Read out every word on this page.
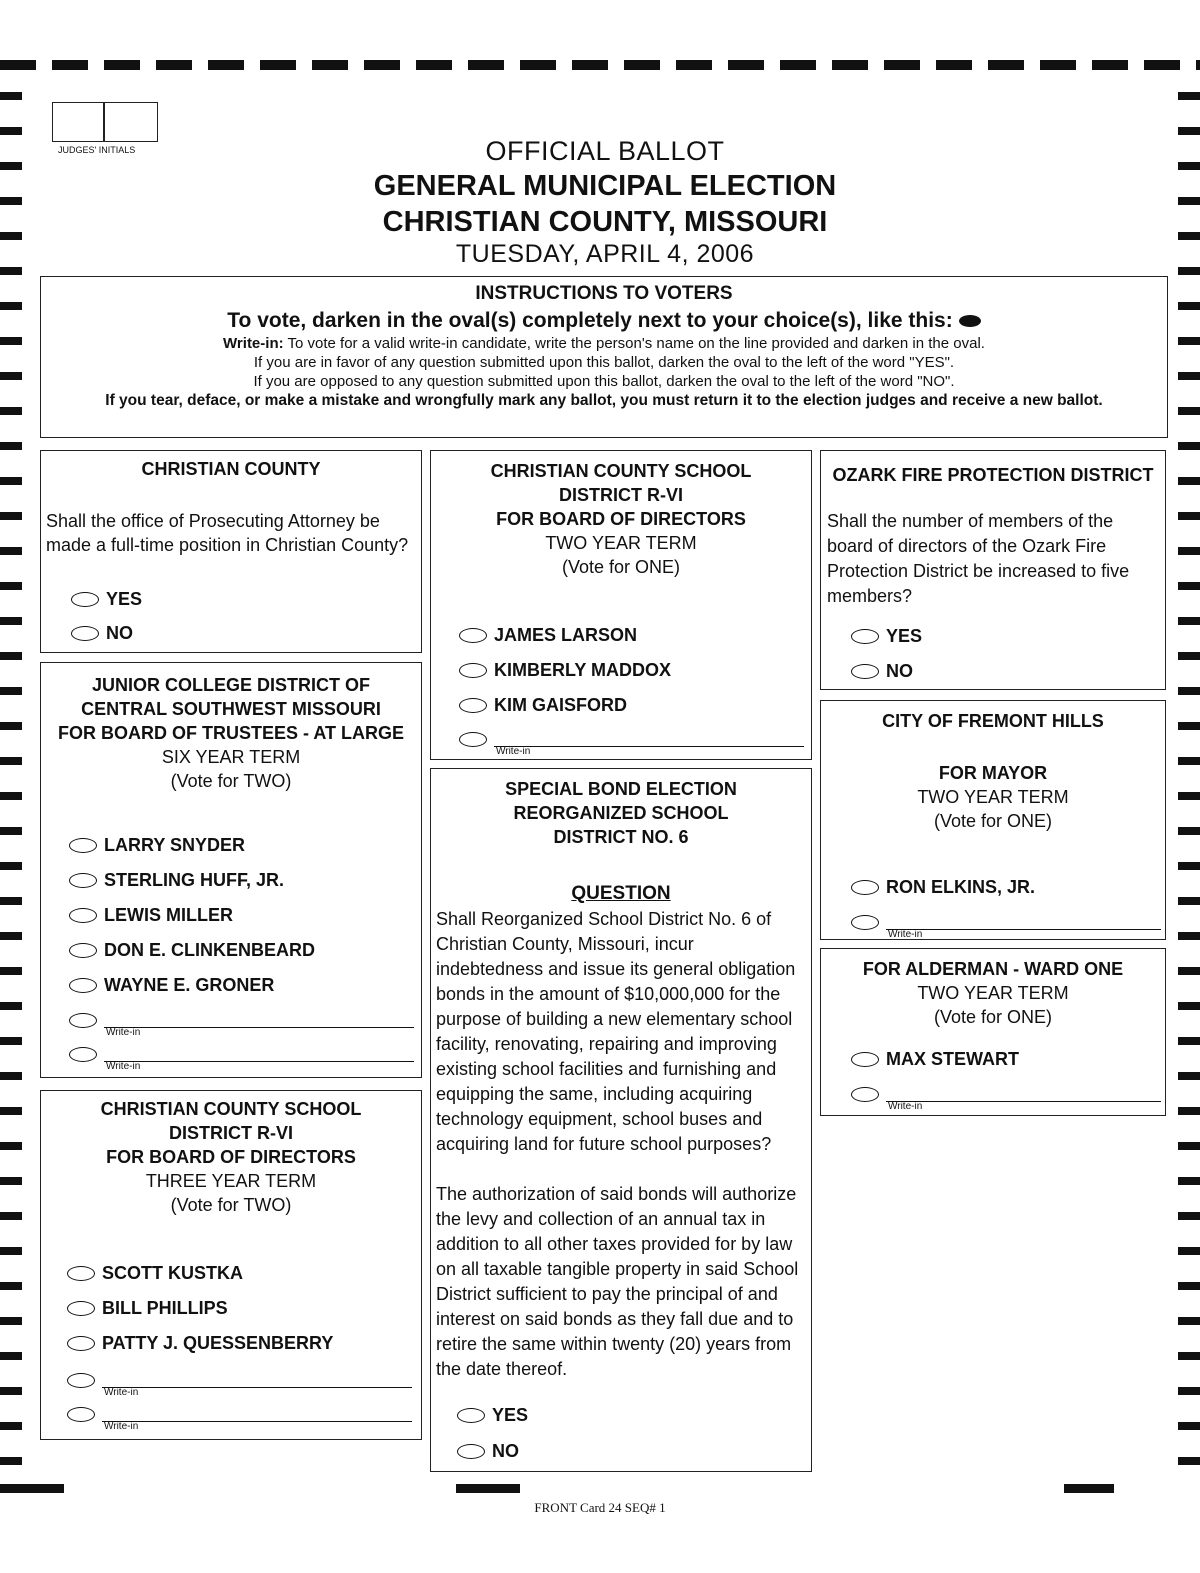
JUDGES' INITIALS	OFFICIAL BALLOT
GENERAL MUNICIPAL ELECTION
CHRISTIAN COUNTY, MISSOURI
TUESDAY, APRIL 4, 2006
INSTRUCTIONS TO VOTERS
To vote, darken in the oval(s) completely next to your choice(s), like this:
Write-in: To vote for a valid write-in candidate, write the person's name on the line provided and darken in the oval.
If you are in favor of any question submitted upon this ballot, darken the oval to the left of the word "YES".
If you are opposed to any question submitted upon this ballot, darken the oval to the left of the word "NO".
If you tear, deface, or make a mistake and wrongfully mark any ballot, you must return it to the election judges and receive a new ballot.
CHRISTIAN COUNTY
Shall the office of Prosecuting Attorney be
made a full-time position in Christian County?
YES
NO
JUNIOR COLLEGE DISTRICT OF
CENTRAL SOUTHWEST MISSOURI
FOR BOARD OF TRUSTEES - AT LARGE
SIX YEAR TERM
(Vote for TWO)
LARRY SNYDER
STERLING HUFF, JR.
LEWIS MILLER
DON E. CLINKENBEARD
WAYNE E. GRONER
Write-in
Write-in
CHRISTIAN COUNTY SCHOOL
DISTRICT R-VI
FOR BOARD OF DIRECTORS
THREE YEAR TERM
(Vote for TWO)
SCOTT KUSTKA
BILL PHILLIPS
PATTY J. QUESSENBERRY
Write-in
Write-in
CHRISTIAN COUNTY SCHOOL
DISTRICT R-VI
FOR BOARD OF DIRECTORS
TWO YEAR TERM
(Vote for ONE)
JAMES LARSON
KIMBERLY MADDOX
KIM GAISFORD
Write-in
SPECIAL BOND ELECTION
REORGANIZED SCHOOL
DISTRICT NO. 6
QUESTION
Shall Reorganized School District No. 6 of
Christian County, Missouri, incur
indebtedness and issue its general obligation
bonds in the amount of $10,000,000 for the
purpose of building a new elementary school
facility, renovating, repairing and improving
existing school facilities and furnishing and
equipping the same, including acquiring
technology equipment, school buses and
acquiring land for future school purposes?
The authorization of said bonds will authorize
the levy and collection of an annual tax in
addition to all other taxes provided for by law
on all taxable tangible property in said School
District sufficient to pay the principal of and
interest on said bonds as they fall due and to
retire the same within twenty (20) years from
the date thereof.
YES
NO
OZARK FIRE PROTECTION DISTRICT
Shall the number of members of the
board of directors of the Ozark Fire
Protection District be increased to five
members?
YES
NO
CITY OF FREMONT HILLS
FOR MAYOR
TWO YEAR TERM
(Vote for ONE)
RON ELKINS, JR.
Write-in
FOR ALDERMAN - WARD ONE
TWO YEAR TERM
(Vote for ONE)
MAX STEWART
Write-in
FRONT Card 24 SEQ# 1
